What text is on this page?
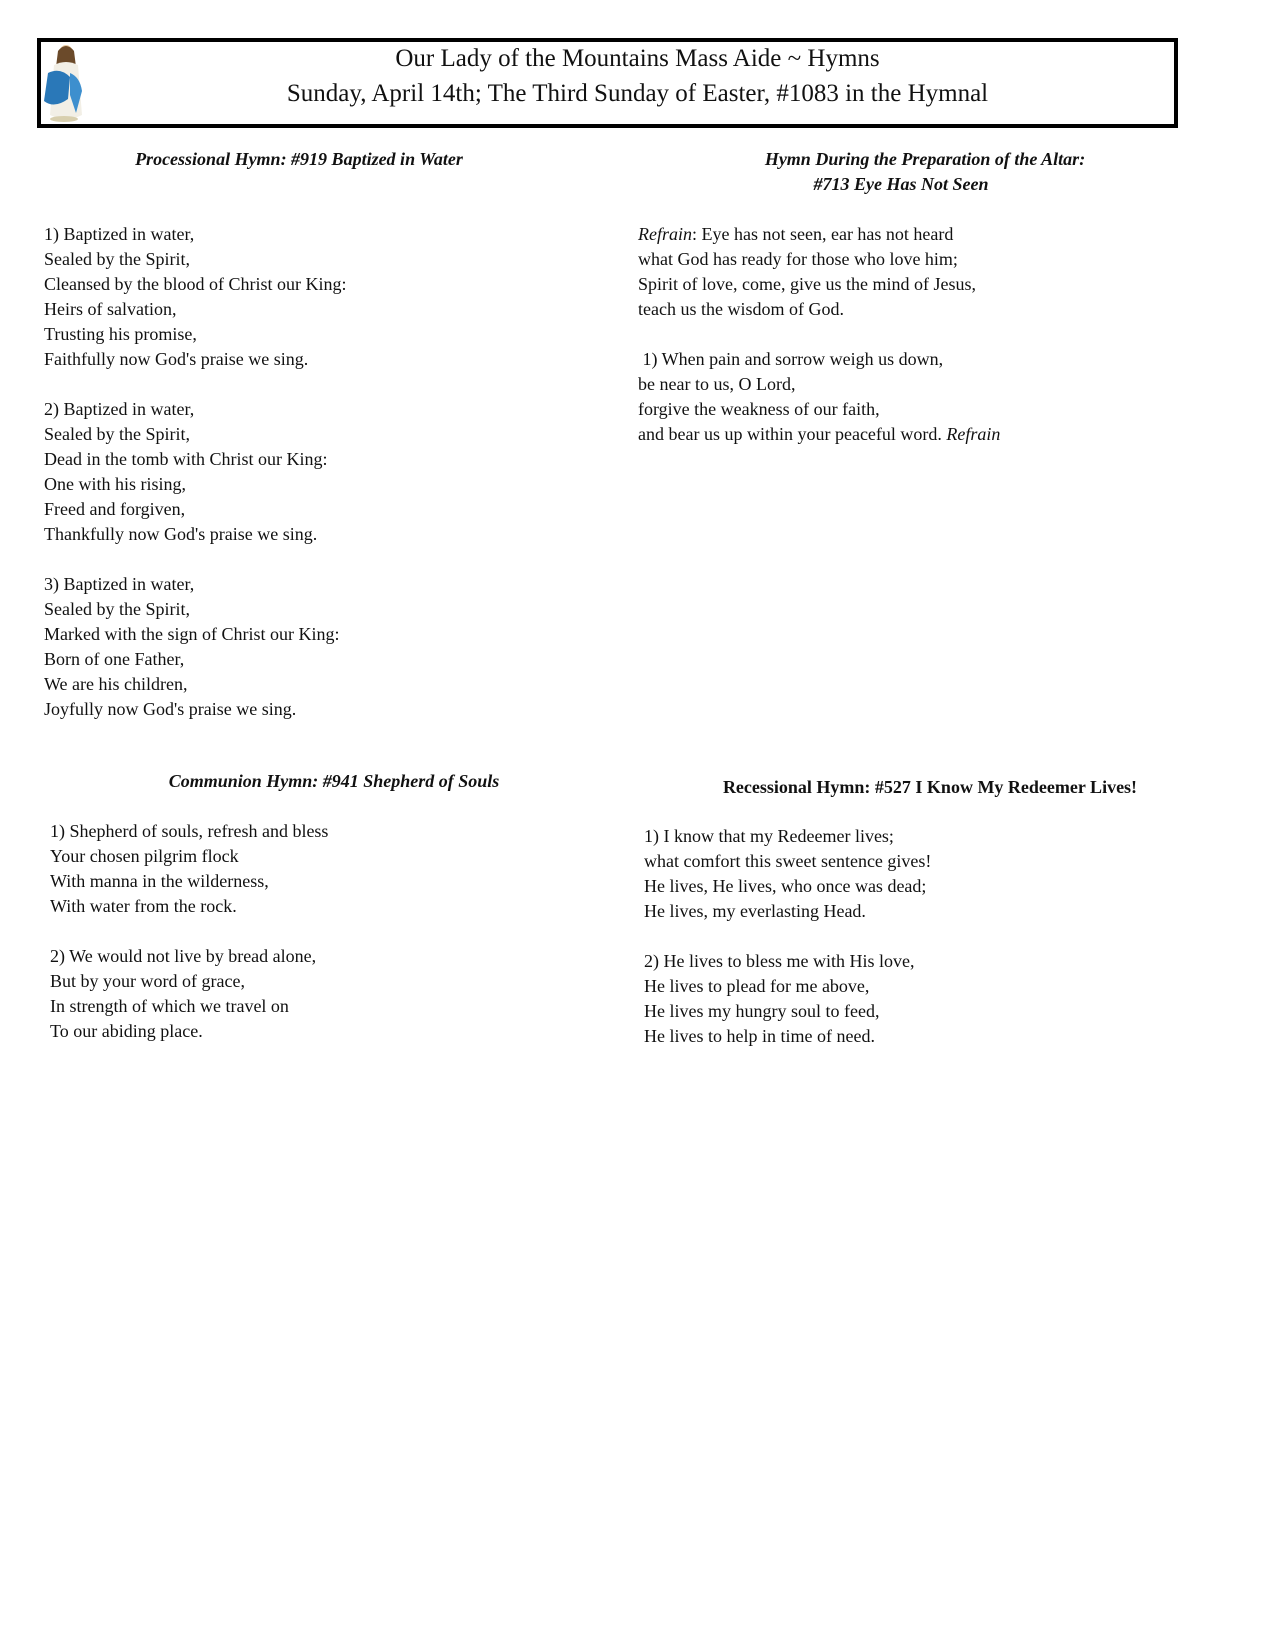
Our Lady of the Mountains Mass Aide ~ Hymns
Sunday, April 14th; The Third Sunday of Easter, #1083 in the Hymnal
Processional Hymn: #919 Baptized in Water
1) Baptized in water,
Sealed by the Spirit,
Cleansed by the blood of Christ our King:
Heirs of salvation,
Trusting his promise,
Faithfully now God's praise we sing.
2) Baptized in water,
Sealed by the Spirit,
Dead in the tomb with Christ our King:
One with his rising,
Freed and forgiven,
Thankfully now God's praise we sing.
3) Baptized in water,
Sealed by the Spirit,
Marked with the sign of Christ our King:
Born of one Father,
We are his children,
Joyfully now God's praise we sing.
Hymn During the Preparation of the Altar:
#713 Eye Has Not Seen
Refrain: Eye has not seen, ear has not heard
what God has ready for those who love him;
Spirit of love, come, give us the mind of Jesus,
teach us the wisdom of God.
1) When pain and sorrow weigh us down,
be near to us, O Lord,
forgive the weakness of our faith,
and bear us up within your peaceful word. Refrain
Communion Hymn: #941 Shepherd of Souls
1) Shepherd of souls, refresh and bless
Your chosen pilgrim flock
With manna in the wilderness,
With water from the rock.
2) We would not live by bread alone,
But by your word of grace,
In strength of which we travel on
To our abiding place.
Recessional Hymn: #527 I Know My Redeemer Lives!
1) I know that my Redeemer lives;
what comfort this sweet sentence gives!
He lives, He lives, who once was dead;
He lives, my everlasting Head.
2) He lives to bless me with His love,
He lives to plead for me above,
He lives my hungry soul to feed,
He lives to help in time of need.
